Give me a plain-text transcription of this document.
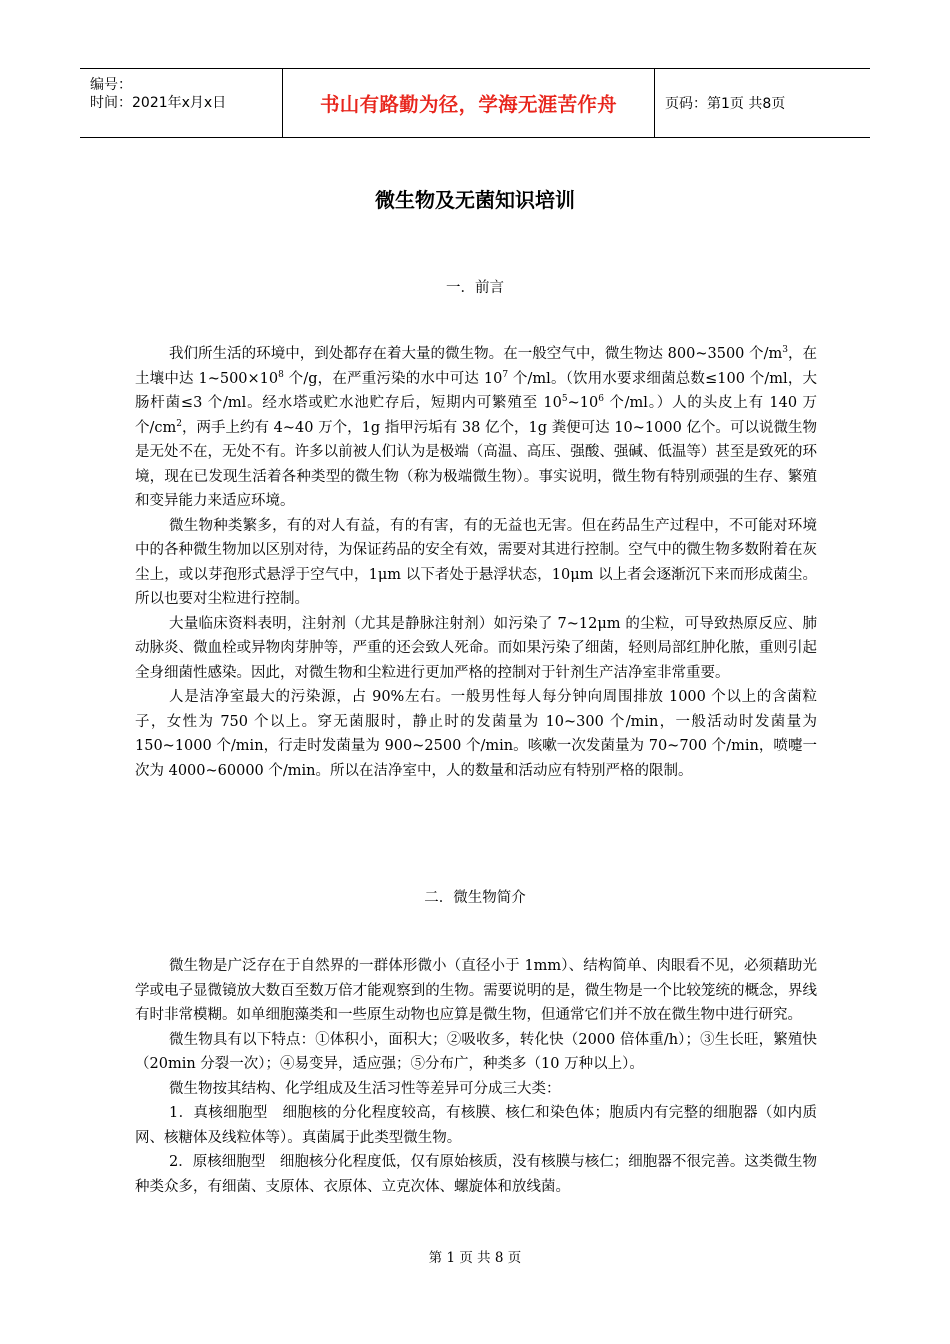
编号：
时间：2021年x月x日	书山有路勤为径，学海无涯苦作舟	页码：第1页 共8页
微生物及无菌知识培训
一．前言

我们所生活的环境中，到处都存在着大量的微生物。在一般空气中，微生物达 800~3500 个$/m^3$，在土壤中达 $1\sim 500\times 10^8$ 个/g，在严重污染的水中可达 $10^7$ 个/ml。（饮用水要求细菌总数≤100 个/ml，大肠杆菌≤3 个/ml。经水塔或贮水池贮存后，短期内可繁殖至 $10^5\sim 10^6$ 个/ml。）人的头皮上有 140 万个$/cm^2$，两手上约有 4~40 万个，1g 指甲污垢有 38 亿个，1g 粪便可达 10~1000 亿个。可以说微生物是无处不在，无处不有。许多以前被人们认为是极端（高温、高压、强酸、强碱、低温等）甚至是致死的环境，现在已发现生活着各种类型的微生物（称为极端微生物）。事实说明，微生物有特别顽强的生存、繁殖和变异能力来适应环境。

微生物种类繁多，有的对人有益，有的有害，有的无益也无害。但在药品生产过程中，不可能对环境中的各种微生物加以区别对待，为保证药品的安全有效，需要对其进行控制。空气中的微生物多数附着在灰尘上，或以芽孢形式悬浮于空气中，1μm 以下者处于悬浮状态，10μm 以上者会逐渐沉下来而形成菌尘。所以也要对尘粒进行控制。

大量临床资料表明，注射剂（尤其是静脉注射剂）如污染了 7~12μm 的尘粒，可导致热原反应、肺动脉炎、微血栓或异物肉芽肿等，严重的还会致人死命。而如果污染了细菌，轻则局部红肿化脓，重则引起全身细菌性感染。因此，对微生物和尘粒进行更加严格的控制对于针剂生产洁净室非常重要。

人是洁净室最大的污染源，占 90%左右。一般男性每人每分钟向周围排放 1000 个以上的含菌粒子，女性为 750 个以上。穿无菌服时，静止时的发菌量为 10~300 个/min，一般活动时发菌量为 150~1000 个/min，行走时发菌量为 900~2500 个/min。咳嗽一次发菌量为 70~700 个/min，喷嚏一次为 4000~60000 个/min。所以在洁净室中，人的数量和活动应有特别严格的限制。

二．微生物简介

微生物是广泛存在于自然界的一群体形微小（直径小于 1mm）、结构简单、肉眼看不见，必须藉助光学或电子显微镜放大数百至数万倍才能观察到的生物。需要说明的是，微生物是一个比较笼统的概念，界线有时非常模糊。如单细胞藻类和一些原生动物也应算是微生物，但通常它们并不放在微生物中进行研究。

微生物具有以下特点：①体积小，面积大；②吸收多，转化快（2000 倍体重/h）；③生长旺，繁殖快（20min 分裂一次）；④易变异，适应强；⑤分布广，种类多（10 万种以上）。

微生物按其结构、化学组成及生活习性等差异可分成三大类：

1．真核细胞型　细胞核的分化程度较高，有核膜、核仁和染色体；胞质内有完整的细胞器（如内质网、核糖体及线粒体等）。真菌属于此类型微生物。

2．原核细胞型　细胞核分化程度低，仅有原始核质，没有核膜与核仁；细胞器不很完善。这类微生物种类众多，有细菌、支原体、衣原体、立克次体、螺旋体和放线菌。

第 1 页 共 8 页
